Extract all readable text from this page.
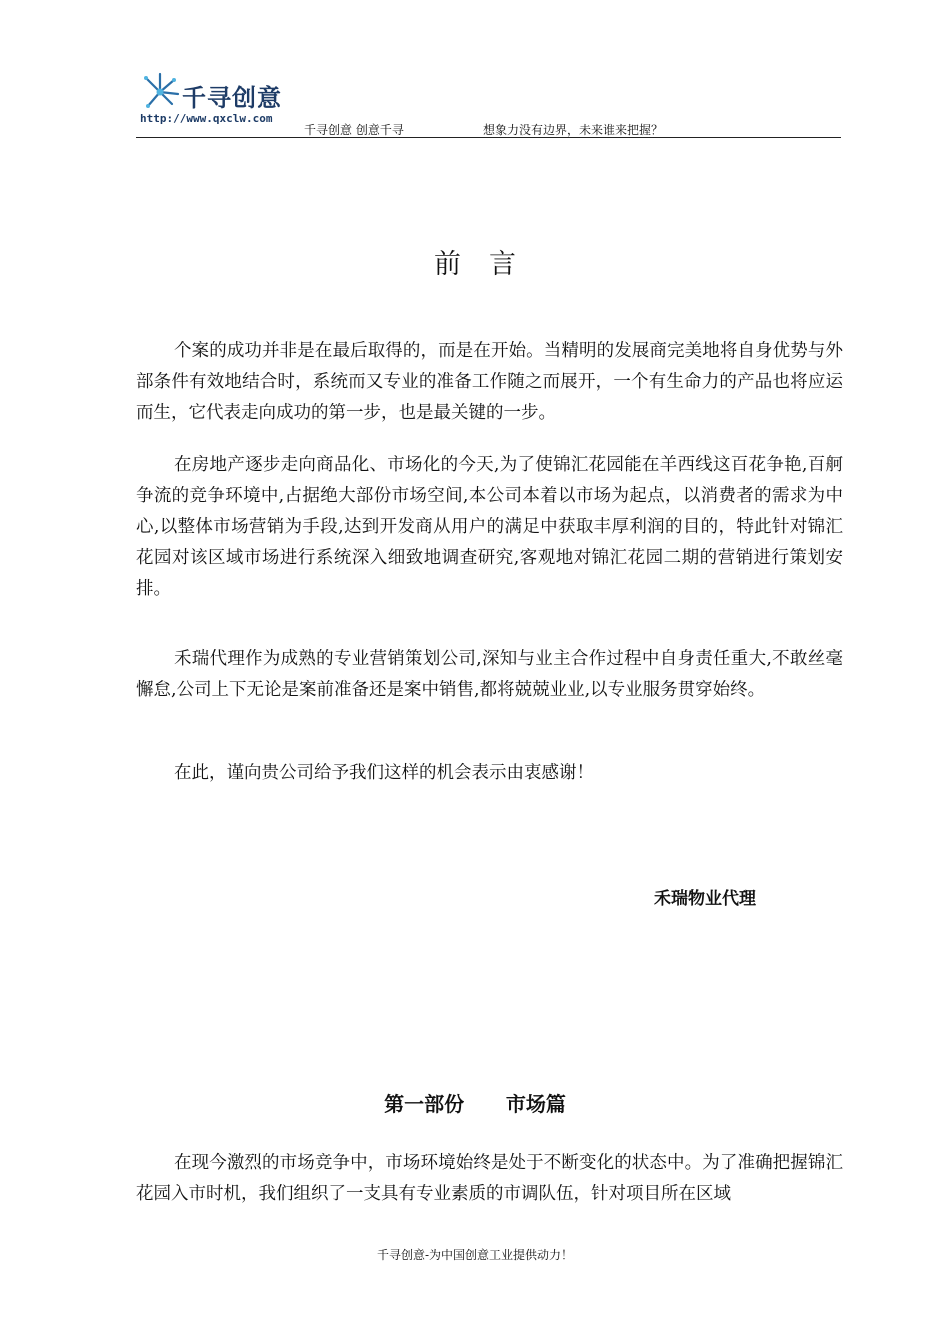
千寻创意
http://www.qxclw.com
千寻创意 创意千寻	想象力没有边界，未来谁来把握？
前言

个案的成功并非是在最后取得的，而是在开始。当精明的发展商完美地将自身优势与外部条件有效地结合时，系统而又专业的准备工作随之而展开，一个有生命力的产品也将应运而生，它代表走向成功的第一步，也是最关键的一步。

在房地产逐步走向商品化、市场化的今天,为了使锦汇花园能在羊西线这百花争艳,百舸争流的竞争环境中,占据绝大部份市场空间,本公司本着以市场为起点，以消费者的需求为中心,以整体市场营销为手段,达到开发商从用户的满足中获取丰厚利润的目的，特此针对锦汇花园对该区域市场进行系统深入细致地调查研究,客观地对锦汇花园二期的营销进行策划安排。

禾瑞代理作为成熟的专业营销策划公司,深知与业主合作过程中自身责任重大,不敢丝毫懈怠,公司上下无论是案前准备还是案中销售,都将兢兢业业,以专业服务贯穿始终。

在此，谨向贵公司给予我们这样的机会表示由衷感谢！

禾瑞物业代理
第一部份      市场篇

在现今激烈的市场竞争中，市场环境始终是处于不断变化的状态中。为了准确把握锦汇花园入市时机，我们组织了一支具有专业素质的市调队伍，针对项目所在区域

千寻创意-为中国创意工业提供动力！
